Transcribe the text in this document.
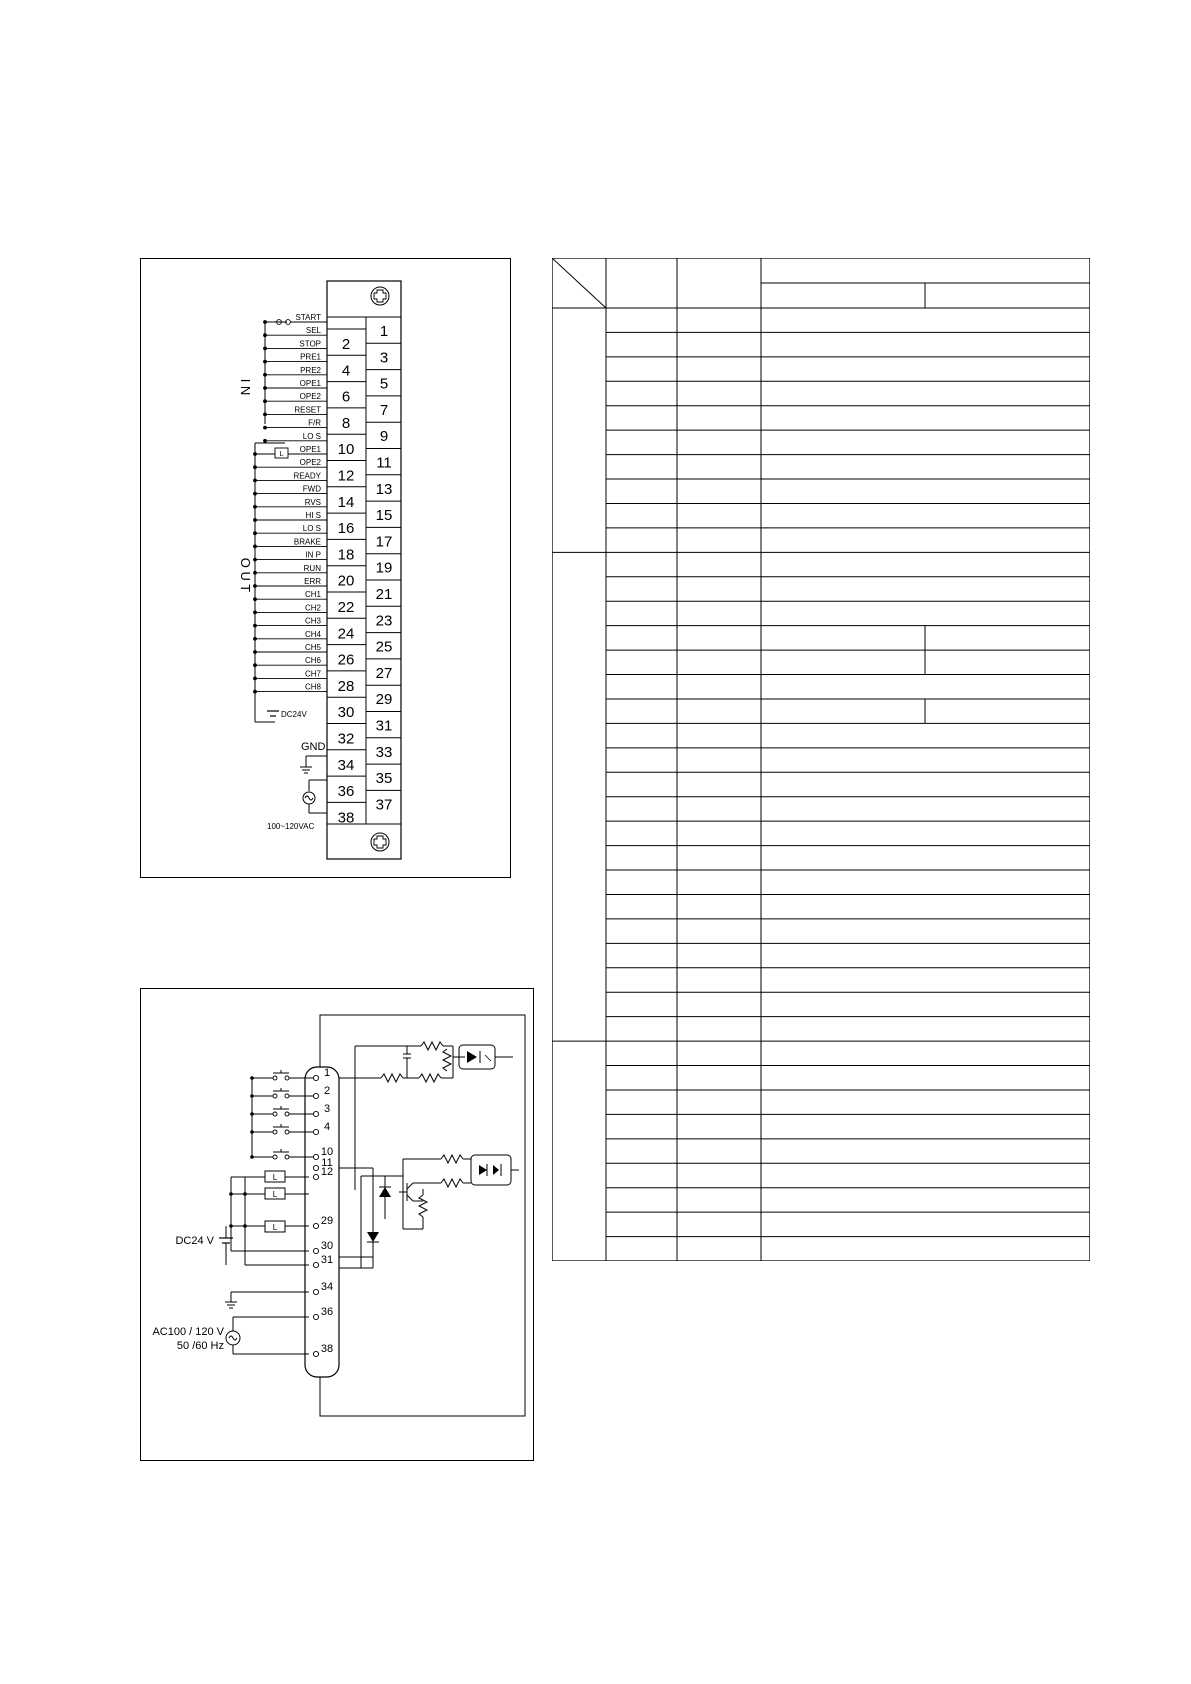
2
4
6
8
10
12
14
16
18
20
22
24
26
28
30
32
34
36
38
1
3
5
7
9
11
13
15
17
19
21
23
25
27
29
31
33
35
37
START
SEL
STOP
PRE1
PRE2
OPE1
OPE2
RESET
F/R
LO S
OPE1
OPE2
READY
FWD
RVS
HI S
LO S
BRAKE
IN P
RUN
ERR
CH1
CH2
CH3
CH4
CH5
CH6
CH7
CH8
L
I N
O U T
DC24V
GND
100~120VAC
1
2
3
4
10
11
12
29
30
31
34
36
38
L
L
L
DC24 V
AC100 / 120 V
50 /60 Hz
